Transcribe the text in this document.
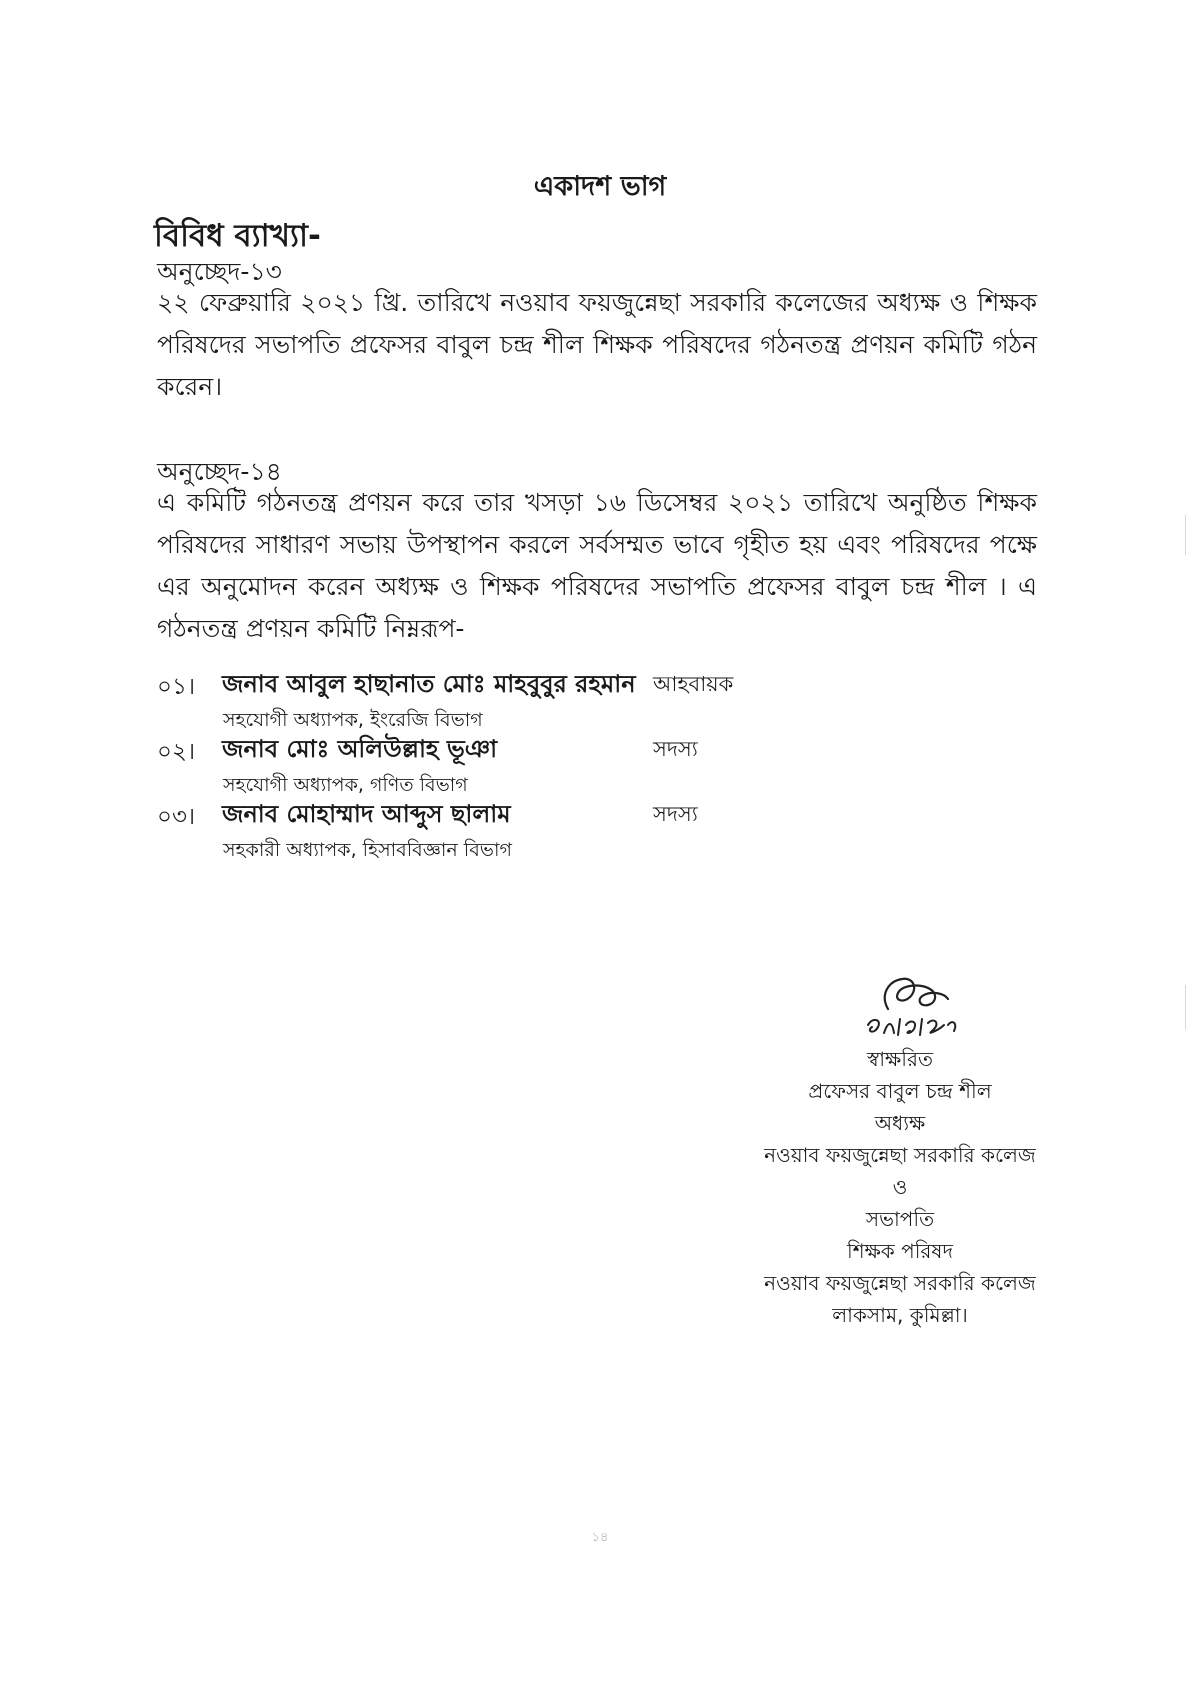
একাদশ ভাগ
বিবিধ ব্যাখ্যা-
অনুচ্ছেদ-১৩
২২ ফেব্রুয়ারি ২০২১ খ্রি. তারিখে নওয়াব ফয়জুন্নেছা সরকারি কলেজের অধ্যক্ষ ও শিক্ষক পরিষদের সভাপতি প্রফেসর বাবুল চন্দ্র শীল শিক্ষক পরিষদের গঠনতন্ত্র প্রণয়ন কমিটি গঠন করেন।
অনুচ্ছেদ-১৪
এ কমিটি গঠনতন্ত্র প্রণয়ন করে তার খসড়া ১৬ ডিসেম্বর ২০২১ তারিখে অনুষ্ঠিত শিক্ষক পরিষদের সাধারণ সভায় উপস্থাপন করলে সর্বসম্মত ভাবে গৃহীত হয় এবং পরিষদের পক্ষে এর অনুমোদন করেন অধ্যক্ষ ও শিক্ষক পরিষদের সভাপতি প্রফেসর বাবুল চন্দ্র শীল । এ গঠনতন্ত্র প্রণয়ন কমিটি নিম্নরূপ-
০১। জনাব আবুল হাছানাত মোঃ মাহবুবুর রহমান আহবায়ক
সহযোগী অধ্যাপক, ইংরেজি বিভাগ
০২। জনাব মোঃ অলিউল্লাহ ভূঞা	সদস্য
সহযোগী অধ্যাপক, গণিত বিভাগ
০৩। জনাব মোহাম্মাদ আব্দুস ছালাম	সদস্য
সহকারী অধ্যাপক, হিসাববিজ্ঞান বিভাগ
স্বাক্ষরিত
প্রফেসর বাবুল চন্দ্র শীল
অধ্যক্ষ
নওয়াব ফয়জুন্নেছা সরকারি কলেজ
ও
সভাপতি
শিক্ষক পরিষদ
নওয়াব ফয়জুন্নেছা সরকারি কলেজ
লাকসাম, কুমিল্লা।
১৪
